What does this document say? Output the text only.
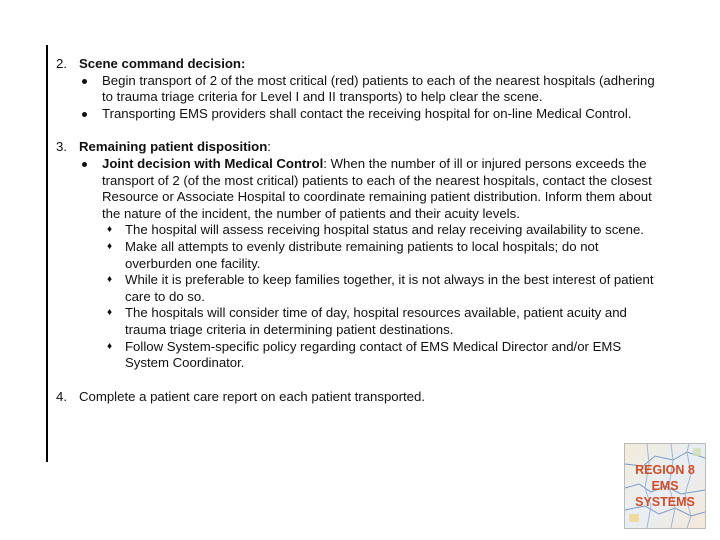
2. Scene command decision:
Begin transport of 2 of the most critical (red) patients to each of the nearest hospitals (adhering to trauma triage criteria for Level I and II transports) to help clear the scene.
Transporting EMS providers shall contact the receiving hospital for on-line Medical Control.
3. Remaining patient disposition:
Joint decision with Medical Control: When the number of ill or injured persons exceeds the transport of 2 (of the most critical) patients to each of the nearest hospitals, contact the closest Resource or Associate Hospital to coordinate remaining patient distribution. Inform them about the nature of the incident, the number of patients and their acuity levels.
♦ The hospital will assess receiving hospital status and relay receiving availability to scene.
♦ Make all attempts to evenly distribute remaining patients to local hospitals; do not overburden one facility.
♦ While it is preferable to keep families together, it is not always in the best interest of patient care to do so.
♦ The hospitals will consider time of day, hospital resources available, patient acuity and trauma triage criteria in determining patient destinations.
♦ Follow System-specific policy regarding contact of EMS Medical Director and/or EMS System Coordinator.
4. Complete a patient care report on each patient transported.
REGION 8
EMS
SYSTEMS
